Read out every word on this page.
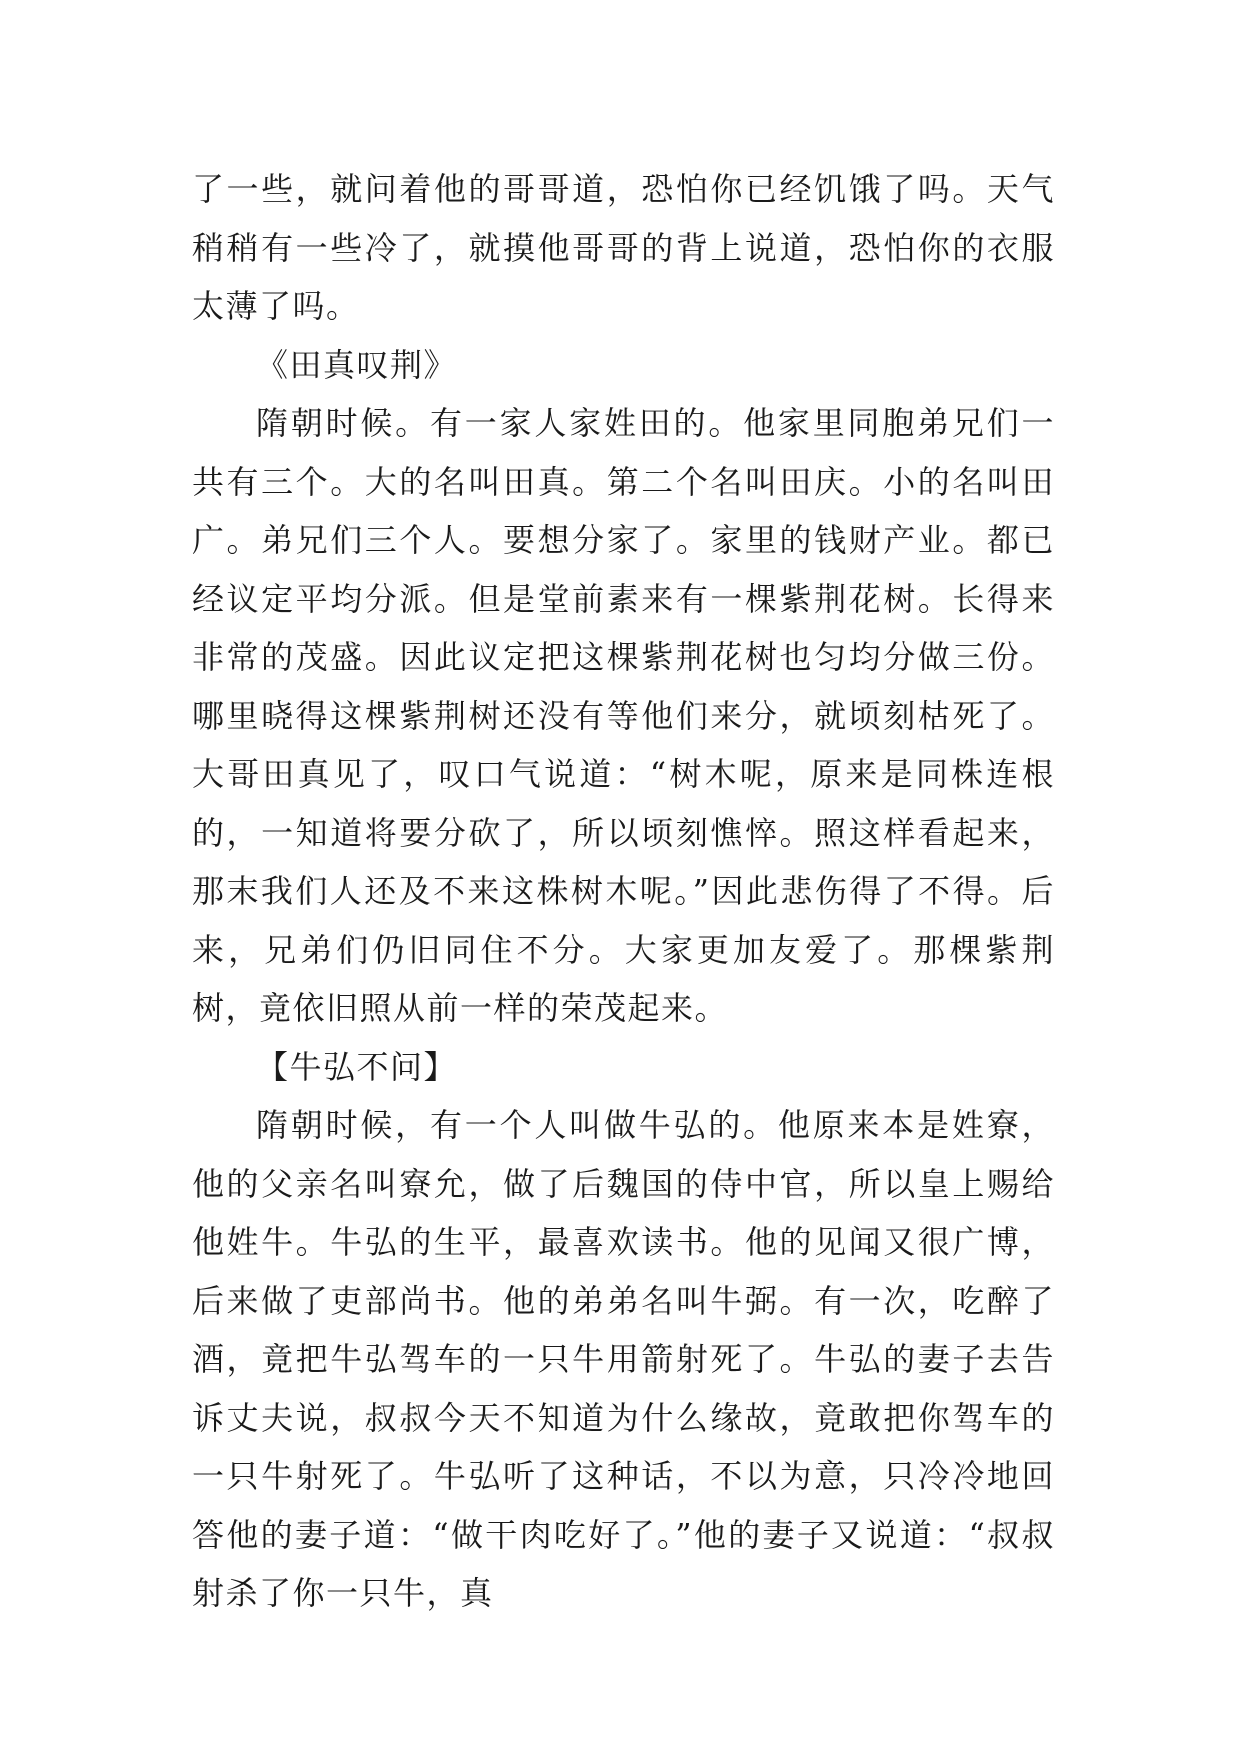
了一些，就问着他的哥哥道，恐怕你已经饥饿了吗。天气稍稍有一些冷了，就摸他哥哥的背上说道，恐怕你的衣服太薄了吗。

《田真叹荆》

隋朝时候。有一家人家姓田的。他家里同胞弟兄们一共有三个。大的名叫田真。第二个名叫田庆。小的名叫田广。弟兄们三个人。要想分家了。家里的钱财产业。都已经议定平均分派。但是堂前素来有一棵紫荆花树。长得来非常的茂盛。因此议定把这棵紫荆花树也匀均分做三份。哪里晓得这棵紫荆树还没有等他们来分，就顷刻枯死了。大哥田真见了，叹口气说道：“树木呢，原来是同株连根的，一知道将要分砍了，所以顷刻憔悴。照这样看起来，那末我们人还及不来这株树木呢。”因此悲伤得了不得。后来，兄弟们仍旧同住不分。大家更加友爱了。那棵紫荆树，竟依旧照从前一样的荣茂起来。

【牛弘不问】

隋朝时候，有一个人叫做牛弘的。他原来本是姓寮，他的父亲名叫寮允，做了后魏国的侍中官，所以皇上赐给他姓牛。牛弘的生平，最喜欢读书。他的见闻又很广博，后来做了吏部尚书。他的弟弟名叫牛弼。有一次，吃醉了酒，竟把牛弘驾车的一只牛用箭射死了。牛弘的妻子去告诉丈夫说，叔叔今天不知道为什么缘故，竟敢把你驾车的一只牛射死了。牛弘听了这种话，不以为意，只冷冷地回答他的妻子道：“做干肉吃好了。”他的妻子又说道：“叔叔射杀了你一只牛，真
